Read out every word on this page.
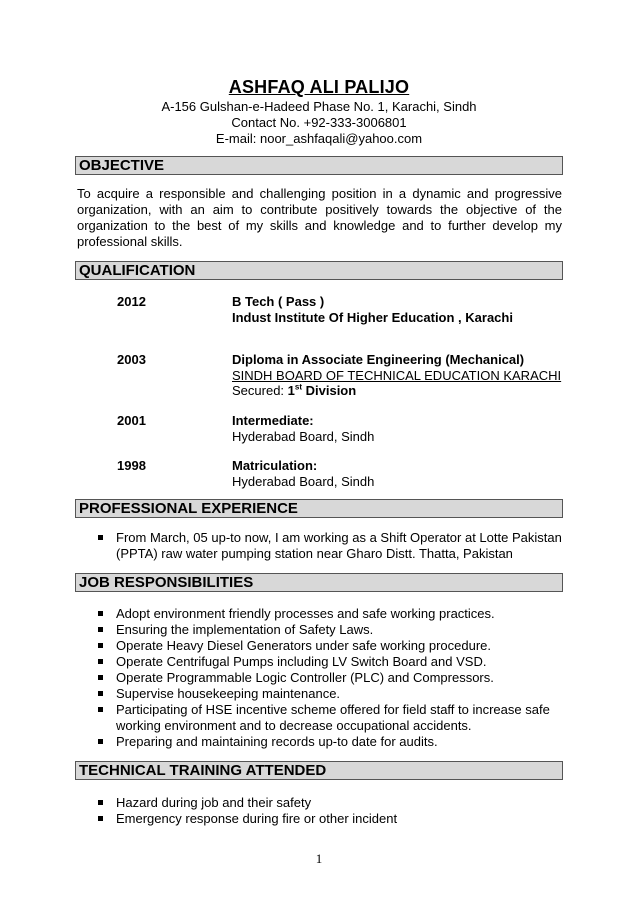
ASHFAQ ALI PALIJO
A-156 Gulshan-e-Hadeed Phase No. 1, Karachi, Sindh
Contact No. +92-333-3006801
E-mail: noor_ashfaqali@yahoo.com
OBJECTIVE
To acquire a responsible and challenging position in a dynamic and progressive organization, with an aim to contribute positively towards the objective of the organization to the best of my skills and knowledge and to further develop my professional skills.
QUALIFICATION
2012	B Tech ( Pass )
Indust Institute Of Higher Education , Karachi
2003	Diploma in Associate Engineering (Mechanical)
SINDH BOARD OF TECHNICAL EDUCATION KARACHI
Secured: 1st Division
2001	Intermediate:
Hyderabad Board, Sindh
1998	Matriculation:
Hyderabad Board, Sindh
PROFESSIONAL EXPERIENCE
From March, 05 up-to now, I am working as a Shift Operator at Lotte Pakistan (PPTA) raw water pumping station near Gharo Distt. Thatta, Pakistan
JOB RESPONSIBILITIES
Adopt environment friendly processes and safe working practices.
Ensuring the implementation of Safety Laws.
Operate Heavy Diesel Generators under safe working procedure.
Operate Centrifugal Pumps including LV Switch Board and VSD.
Operate Programmable Logic Controller (PLC) and Compressors.
Supervise housekeeping maintenance.
Participating of HSE incentive scheme offered for field staff to increase safe working environment and to decrease occupational accidents.
Preparing and maintaining records up-to date for audits.
TECHNICAL TRAINING ATTENDED
Hazard during job and their safety
Emergency response during fire or other incident
1
